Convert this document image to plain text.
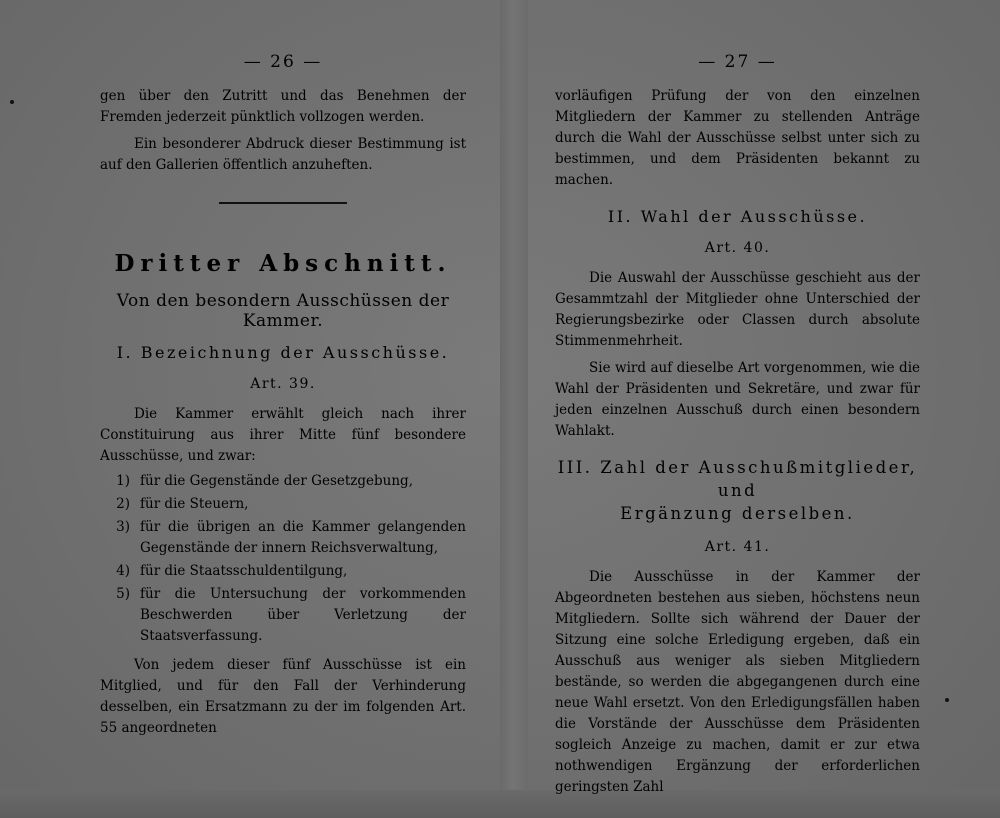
— 26 —

gen über den Zutritt und das Benehmen der Fremden jederzeit pünktlich vollzogen werden.

Ein besonderer Abdruck dieser Bestimmung ist auf den Gallerien öffentlich anzuheften.

Dritter Abschnitt.
Von den besondern Ausschüssen der Kammer.
I. Bezeichnung der Ausschüsse.
Art. 39.

Die Kammer erwählt gleich nach ihrer Constituirung aus ihrer Mitte fünf besondere Ausschüsse, und zwar:

1) für die Gegenstände der Gesetzgebung,
2) für die Steuern,
3) für die übrigen an die Kammer gelangenden Gegenstände der innern Reichsverwaltung,
4) für die Staatsschuldentilgung,
5) für die Untersuchung der vorkommenden Beschwerden über Verletzung der Staatsverfassung.

Von jedem dieser fünf Ausschüsse ist ein Mitglied, und für den Fall der Verhinderung desselben, ein Ersatzmann zu der im folgenden Art. 55 angeordneten

— 27 —

vorläufigen Prüfung der von den einzelnen Mitgliedern der Kammer zu stellenden Anträge durch die Wahl der Ausschüsse selbst unter sich zu bestimmen, und dem Präsidenten bekannt zu machen.

II. Wahl der Ausschüsse.
Art. 40.

Die Auswahl der Ausschüsse geschieht aus der Gesammtzahl der Mitglieder ohne Unterschied der Regierungsbezirke oder Classen durch absolute Stimmenmehrheit.

Sie wird auf dieselbe Art vorgenommen, wie die Wahl der Präsidenten und Sekretäre, und zwar für jeden einzelnen Ausschuß durch einen besondern Wahlakt.

III. Zahl der Ausschußmitglieder, und
Ergänzung derselben.
Art. 41.

Die Ausschüsse in der Kammer der Abgeordneten bestehen aus sieben, höchstens neun Mitgliedern. Sollte sich während der Dauer der Sitzung eine solche Erledigung ergeben, daß ein Ausschuß aus weniger als sieben Mitgliedern bestände, so werden die abgegangenen durch eine neue Wahl ersetzt. Von den Erledigungsfällen haben die Vorstände der Ausschüsse dem Präsidenten sogleich Anzeige zu machen, damit er zur etwa nothwendigen Ergänzung der erforderlichen geringsten Zahl
